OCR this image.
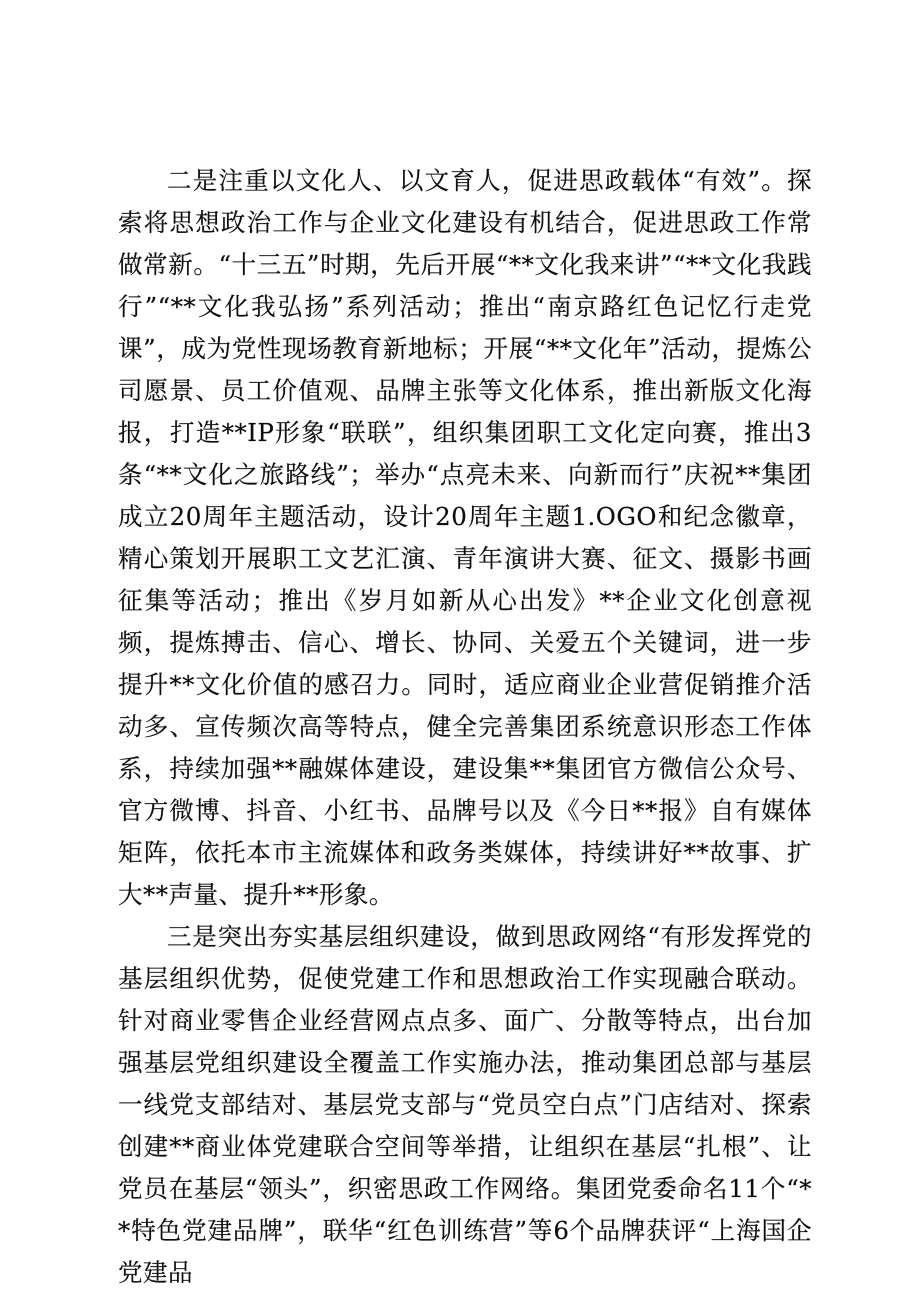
二是注重以文化人、以文育人，促进思政载体“有效”。探索将思想政治工作与企业文化建设有机结合，促进思政工作常做常新。“十三五”时期，先后开展“**文化我来讲”“**文化我践行”“**文化我弘扬”系列活动；推出“南京路红色记忆行走党课”，成为党性现场教育新地标；开展“**文化年”活动，提炼公司愿景、员工价值观、品牌主张等文化体系，推出新版文化海报，打造**IP形象“联联”，组织集团职工文化定向赛，推出3条“**文化之旅路线”；举办“点亮未来、向新而行”庆祝**集团成立20周年主题活动，设计20周年主题1.OGO和纪念徽章，精心策划开展职工文艺汇演、青年演讲大赛、征文、摄影书画征集等活动；推出《岁月如新从心出发》**企业文化创意视频，提炼搏击、信心、增长、协同、关爱五个关键词，进一步提升**文化价值的感召力。同时，适应商业企业营促销推介活动多、宣传频次高等特点，健全完善集团系统意识形态工作体系，持续加强**融媒体建设，建设集**集团官方微信公众号、官方微博、抖音、小红书、品牌号以及《今日**报》自有媒体矩阵，依托本市主流媒体和政务类媒体，持续讲好**故事、扩大**声量、提升**形象。

三是突出夯实基层组织建设，做到思政网络“有形发挥党的基层组织优势，促使党建工作和思想政治工作实现融合联动。针对商业零售企业经营网点点多、面广、分散等特点，出台加强基层党组织建设全覆盖工作实施办法，推动集团总部与基层一线党支部结对、基层党支部与“党员空白点”门店结对、探索创建**商业体党建联合空间等举措，让组织在基层“扎根”、让党员在基层“领头”，织密思政工作网络。集团党委命名11个“**特色党建品牌”，联华“红色训练营”等6个品牌获评“上海国企党建品
